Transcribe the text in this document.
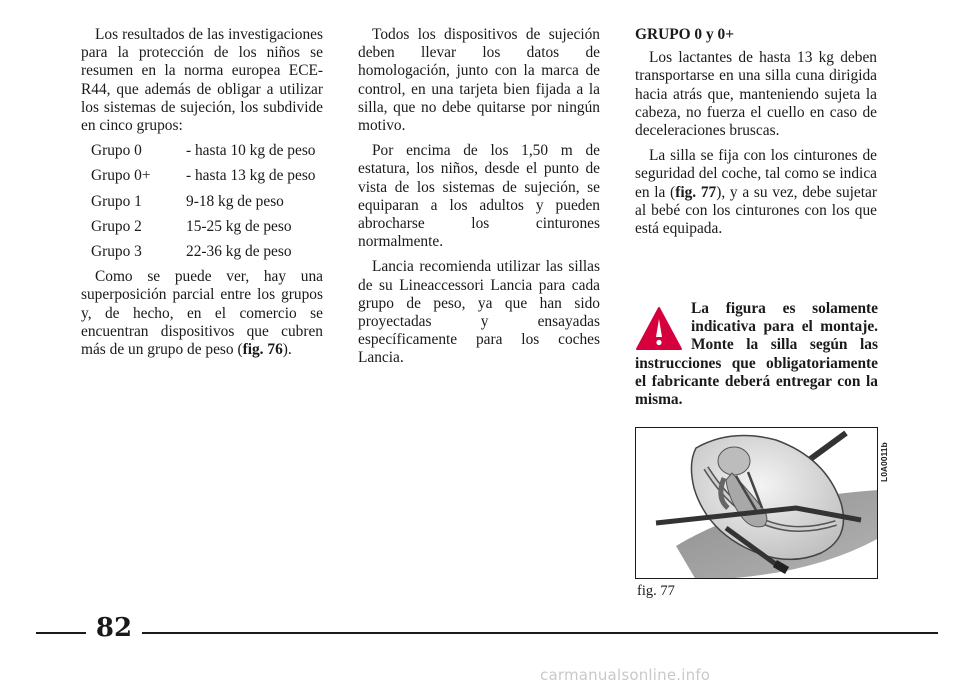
Los resultados de las investigaciones para la protección de los niños se resumen en la norma europea ECE-R44, que además de obligar a utilizar los sistemas de sujeción, los subdivide en cinco grupos:

Grupo 0	- hasta 10 kg de peso
Grupo 0+	- hasta 13 kg de peso
Grupo 1	9-18 kg de peso
Grupo 2	15-25 kg de peso
Grupo 3	22-36 kg de peso

Como se puede ver, hay una superposición parcial entre los grupos y, de hecho, en el comercio se encuentran dispositivos que cubren más de un grupo de peso (fig. 76).

Todos los dispositivos de sujeción deben llevar los datos de homologación, junto con la marca de control, en una tarjeta bien fijada a la silla, que no debe quitarse por ningún motivo.

Por encima de los 1,50 m de estatura, los niños, desde el punto de vista de los sistemas de sujeción, se equiparan a los adultos y pueden abrocharse los cinturones normalmente.

Lancia recomienda utilizar las sillas de su Lineaccessori Lancia para cada grupo de peso, ya que han sido proyectadas y ensayadas específicamente para los coches Lancia.

GRUPO 0 y 0+

Los lactantes de hasta 13 kg deben transportarse en una silla cuna dirigida hacia atrás que, manteniendo sujeta la cabeza, no fuerza el cuello en caso de deceleraciones bruscas.

La silla se fija con los cinturones de seguridad del coche, tal como se indica en la (fig. 77), y a su vez, debe sujetar al bebé con los cinturones con los que está equipada.

La figura es solamente indicativa para el montaje. Monte la silla según las instrucciones que obligatoriamente el fabricante deberá entregar con la misma.
L0A0011b
fig. 77
82
carmanualsonline.info
